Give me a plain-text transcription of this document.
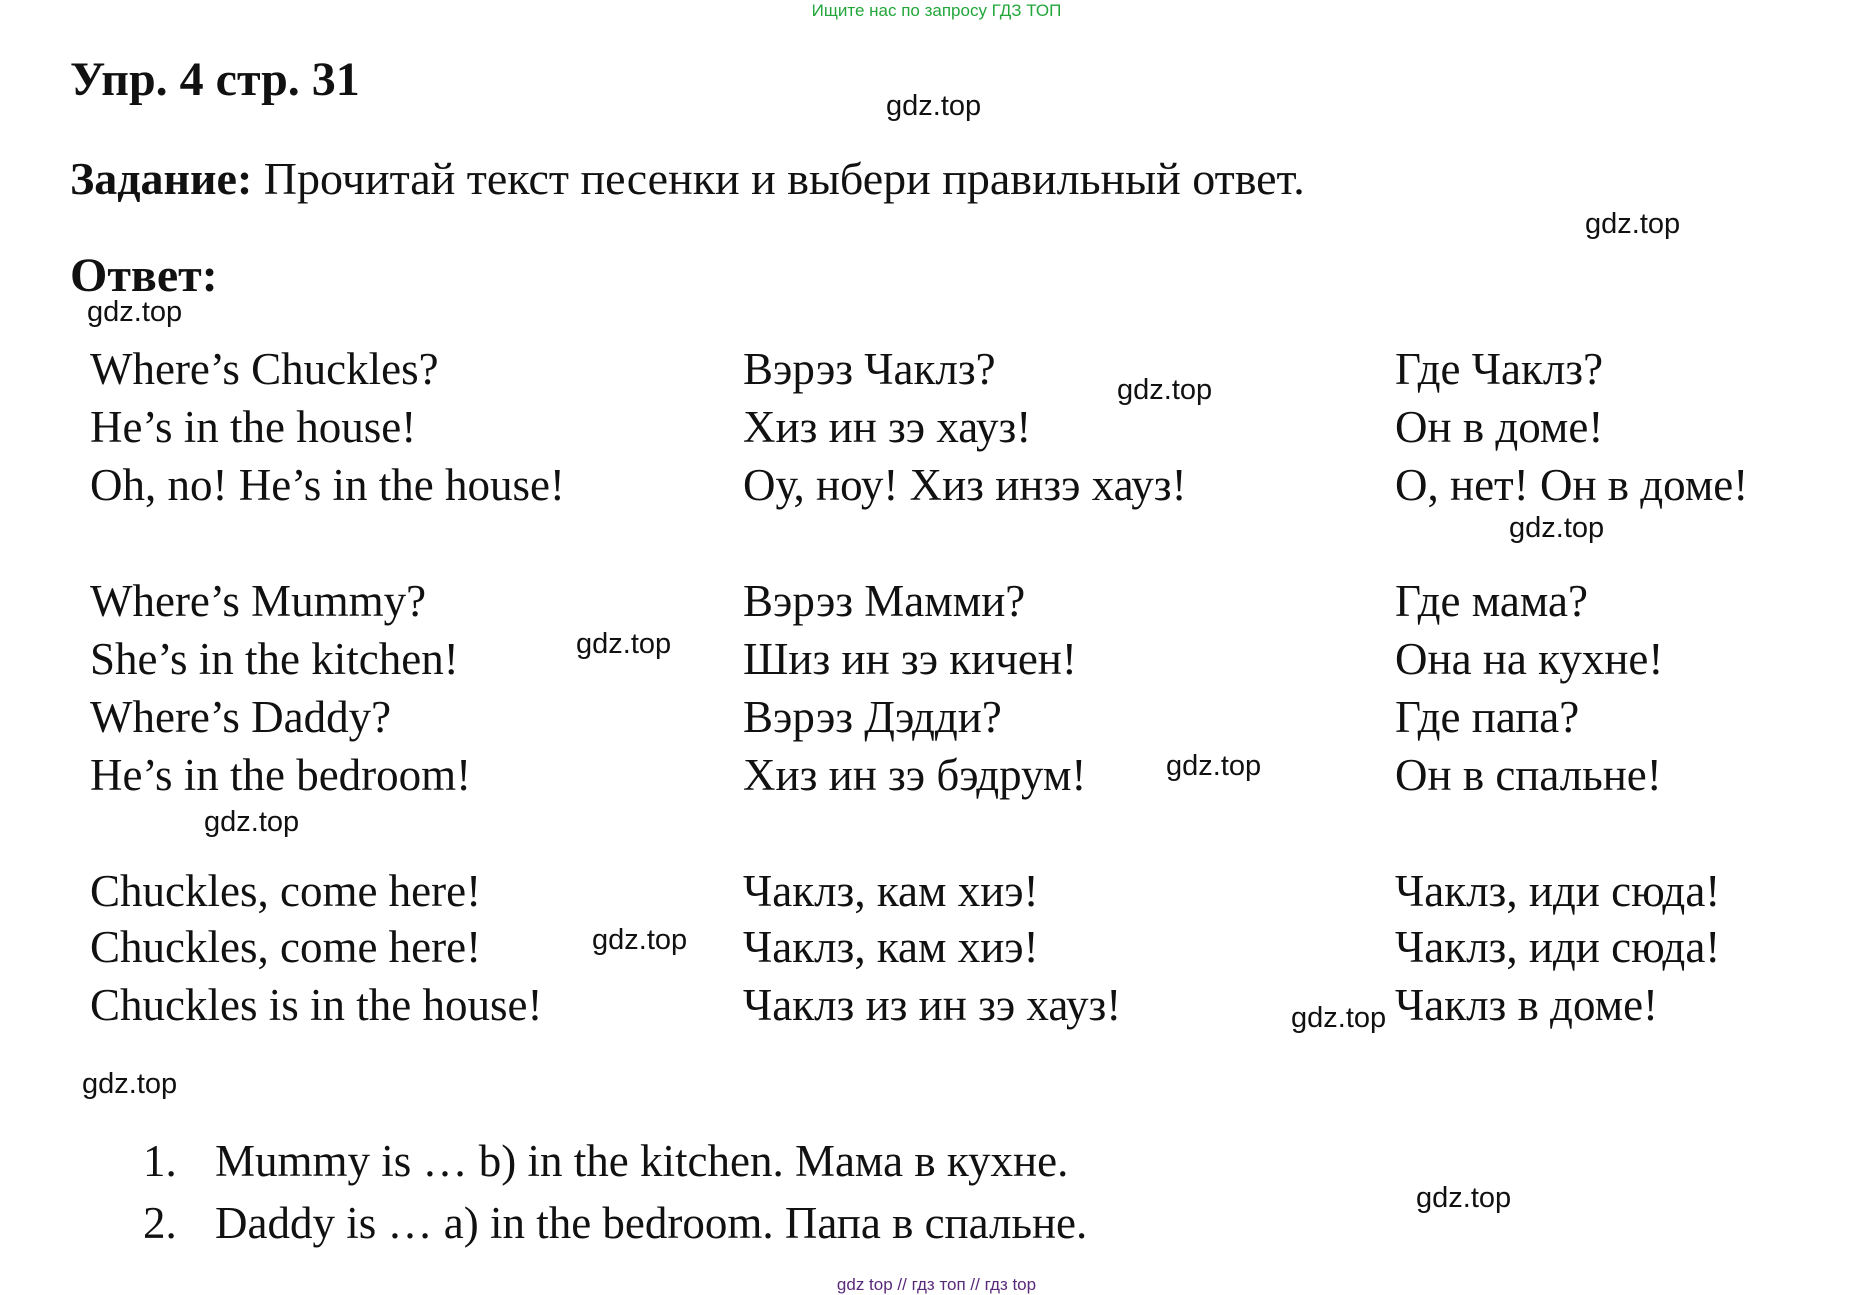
Ищите нас по запросу ГДЗ ТОП
Упр. 4 стр. 31
Задание: Прочитай текст песенки и выбери правильный ответ.
Ответ:
Where’s Chuckles?
He’s in the house!
Oh, no! He’s in the house!
Where’s Mummy?
She’s in the kitchen!
Where’s Daddy?
He’s in the bedroom!
Chuckles, come here!
Chuckles, come here!
Chuckles is in the house!
Вэрэз Чаклз?
Хиз ин зэ хауз!
Оу, ноу! Хиз инзэ хауз!
Вэрэз Мамми?
Шиз ин зэ кичен!
Вэрэз Дэдди?
Хиз ин зэ бэдрум!
Чаклз, кам хиэ!
Чаклз, кам хиэ!
Чаклз из ин зэ хауз!
Где Чаклз?
Он в доме!
О, нет! Он в доме!
Где мама?
Она на кухне!
Где папа?
Он в спальне!
Чаклз, иди сюда!
Чаклз, иди сюда!
Чаклз в доме!
1. Mummy is … b) in the kitchen. Мама в кухне.
2. Daddy is … a) in the bedroom. Папа в спальне.
gdz.top
gdz.top
gdz.top
gdz.top
gdz.top
gdz.top
gdz.top
gdz.top
gdz.top
gdz.top
gdz.top
gdz.top
gdz top // гдз топ // гдз top
